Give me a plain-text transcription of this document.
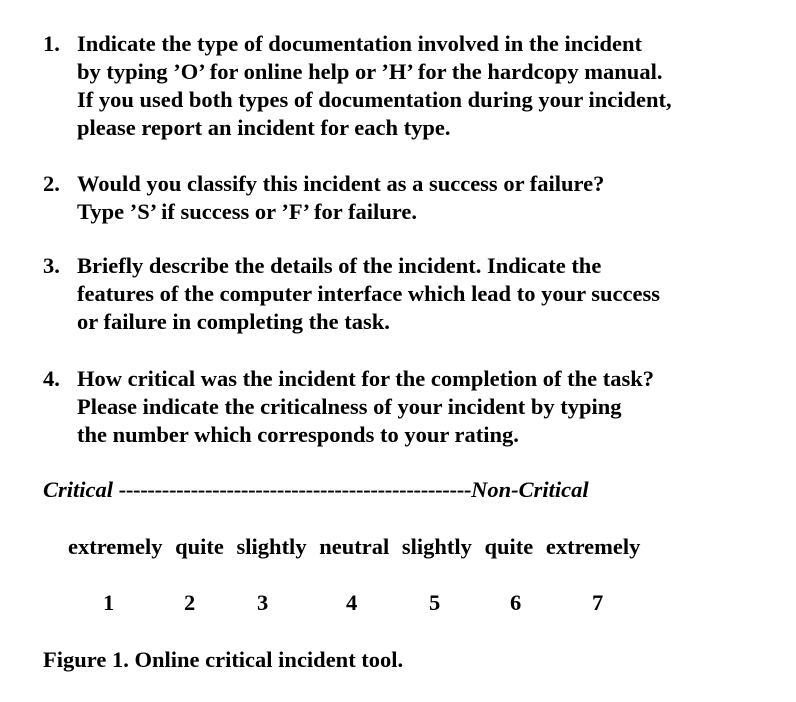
1. Indicate the type of documentation involved in the incident
by typing ’O’ for online help or ’H’ for the hardcopy manual.
If you used both types of documentation during your incident,
please report an incident for each type.
2. Would you classify this incident as a success or failure?
Type ’S’ if success or ’F’ for failure.
3. Briefly describe the details of the incident. Indicate the
features of the computer interface which lead to your success
or failure in completing the task.
4. How critical was the incident for the completion of the task?
Please indicate the criticalness of your incident by typing
the number which corresponds to your rating.
Critical -------------------------------------------------Non-Critical
extremely quite slightly neutral slightly quite extremely
1	2	3	4	5	6	7
Figure 1. Online critical incident tool.
